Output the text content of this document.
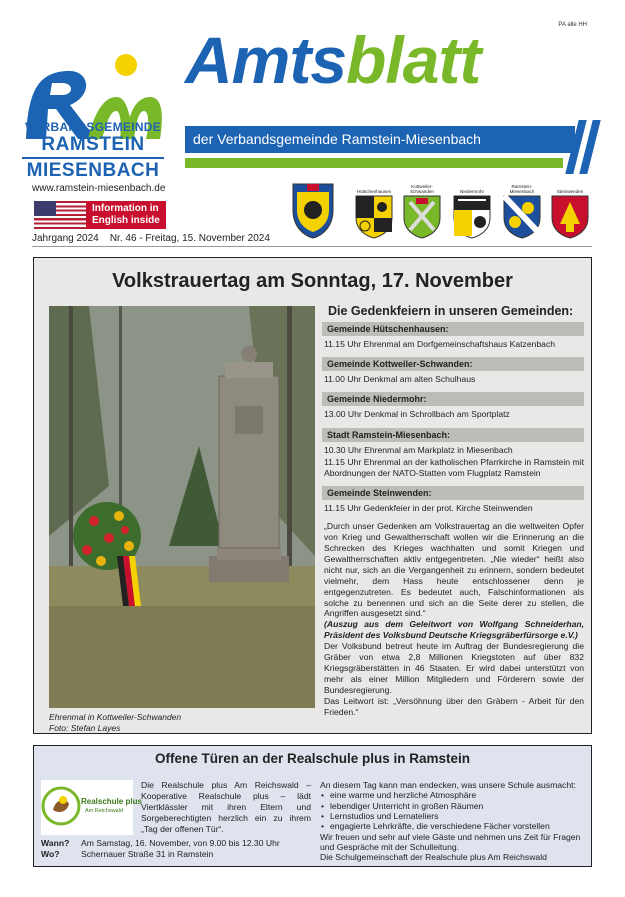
PA alle HH
VERBANDSGEMEINDE
RAMSTEIN
MIESENBACH
Amtsblatt
der Verbandsgemeinde Ramstein-Miesenbach
www.ramstein-miesenbach.de
Information in
English inside
Jahrgang 2024    Nr. 46 - Freitag, 15. November 2024
Hütschenhausen
Kottweiler-Schwanden	Niedermohr
Ramstein-Miesenbach	Steinwenden
Volkstrauertag am Sonntag, 17. November
Ehrenmal in Kottweiler-Schwanden
Foto: Stefan Layes
Die Gedenkfeiern in unseren Gemeinden:
Gemeinde Hütschenhausen:
11.15 Uhr Ehrenmal am Dorfgemeinschaftshaus Katzenbach
Gemeinde Kottweiler-Schwanden:
11.00 Uhr Denkmal am alten Schulhaus
Gemeinde Niedermohr:
13.00 Uhr Denkmal in Schrollbach am Sportplatz
Stadt Ramstein-Miesenbach:
10.30 Uhr Ehrenmal am Markplatz in Miesenbach
11.15 Uhr Ehrenmal an der katholischen Pfarrkirche in Ramstein mit Abordnungen der NATO-Statten vom Flugplatz Ramstein
Gemeinde Steinwenden:
11.15 Uhr Gedenkfeier in der prot. Kirche Steinwenden
„Durch unser Gedenken am Volkstrauertag an die weltweiten Opfer von Krieg und Gewaltherrschaft wollen wir die Erinnerung an die Schrecken des Krieges wachhalten und somit Kriegen und Gewaltherrschaften aktiv entgegentreten. „Nie wieder“ heißt also nicht nur, sich an die Vergangenheit zu erinnern, sondern bedeutet vielmehr, dem Hass heute entschlossener denn je entgegenzutreten. Es bedeutet auch, Falschinformationen als solche zu benennen und sich an die Seite derer zu stellen, die Angriffen ausgesetzt sind.“
(Auszug aus dem Geleitwort von Wolfgang Schneiderhan, Präsident des Volksbund Deutsche Kriegsgräberfürsorge e.V.)
Der Volksbund betreut heute im Auftrag der Bundesregierung die Gräber von etwa 2,8 Millionen Kriegstoten auf über 832 Kriegsgräberstätten in 46 Staaten. Er wird dabei unterstützt von mehr als einer Million Mitgliedern und Förderern sowie der Bundesregierung.
Das Leitwort ist: „Versöhnung über den Gräbern - Arbeit für den Frieden.“
Offene Türen an der Realschule plus in Ramstein
Realschule plus
Am Reichswald
Die Realschule plus Am Reichswald – Kooperative Realschule plus – lädt Viertklässler mit ihren Eltern und Sorgeberechtigten herzlich ein zu ihrem „Tag der offenen Tür“.
Wann? Am Samstag, 16. November, von 9.00 bis 12.30 Uhr
Wo?	Schernauer Straße 31 in Ramstein
An diesem Tag kann man endecken, was unsere Schule ausmacht:
• eine warme und herzliche Atmosphäre
• lebendiger Unterricht in großen Räumen
• Lernstudios und Lernateliers
• engagierte Lehrkräfte, die verschiedene Fächer vorstellen
Wir freuen und sehr auf viele Gäste und nehmen uns Zeit für Fragen und Gespräche mit der Schulleitung.
Die Schulgemeinschaft der Realschule plus Am Reichswald
